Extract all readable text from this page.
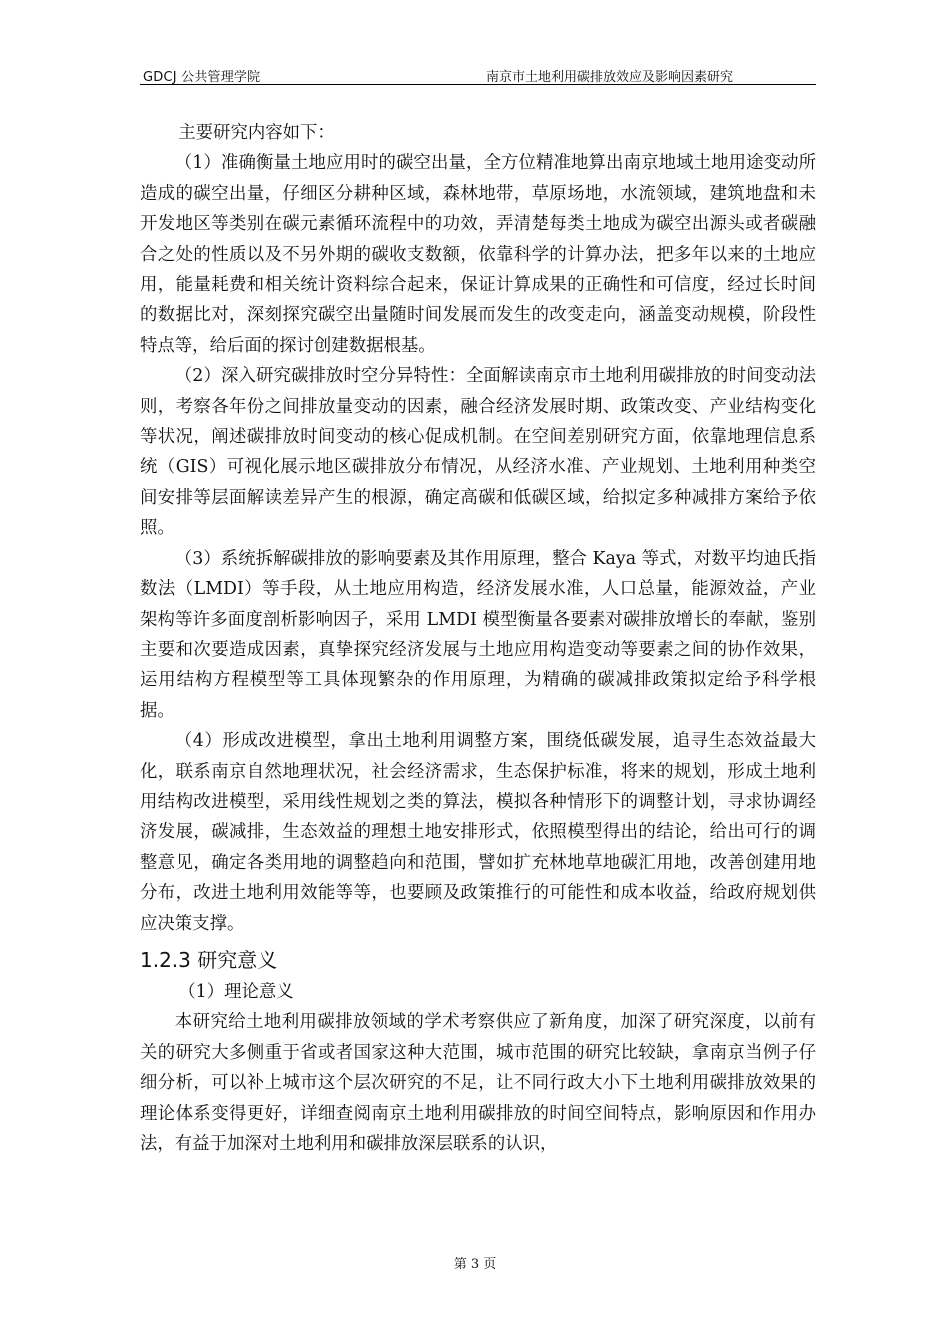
GDCJ 公共管理学院	南京市土地利用碳排放效应及影响因素研究

主要研究内容如下：

（1）准确衡量土地应用时的碳空出量，全方位精准地算出南京地域土地用途变动所造成的碳空出量，仔细区分耕种区域，森林地带，草原场地，水流领域，建筑地盘和未开发地区等类别在碳元素循环流程中的功效，弄清楚每类土地成为碳空出源头或者碳融合之处的性质以及不另外期的碳收支数额，依靠科学的计算办法，把多年以来的土地应用，能量耗费和相关统计资料综合起来，保证计算成果的正确性和可信度，经过长时间的数据比对，深刻探究碳空出量随时间发展而发生的改变走向，涵盖变动规模，阶段性特点等，给后面的探讨创建数据根基。

（2）深入研究碳排放时空分异特性：全面解读南京市土地利用碳排放的时间变动法则，考察各年份之间排放量变动的因素，融合经济发展时期、政策改变、产业结构变化等状况，阐述碳排放时间变动的核心促成机制。在空间差别研究方面，依靠地理信息系统（GIS）可视化展示地区碳排放分布情况，从经济水准、产业规划、土地利用种类空间安排等层面解读差异产生的根源，确定高碳和低碳区域，给拟定多种减排方案给予依照。

（3）系统拆解碳排放的影响要素及其作用原理，整合 Kaya 等式，对数平均迪氏指数法（LMDI）等手段，从土地应用构造，经济发展水准，人口总量，能源效益，产业架构等许多面度剖析影响因子，采用 LMDI 模型衡量各要素对碳排放增长的奉献，鉴别主要和次要造成因素，真挚探究经济发展与土地应用构造变动等要素之间的协作效果，运用结构方程模型等工具体现繁杂的作用原理，为精确的碳减排政策拟定给予科学根据。

（4）形成改进模型，拿出土地利用调整方案，围绕低碳发展，追寻生态效益最大化，联系南京自然地理状况，社会经济需求，生态保护标准，将来的规划，形成土地利用结构改进模型，采用线性规划之类的算法，模拟各种情形下的调整计划，寻求协调经济发展，碳减排，生态效益的理想土地安排形式，依照模型得出的结论，给出可行的调整意见，确定各类用地的调整趋向和范围，譬如扩充林地草地碳汇用地，改善创建用地分布，改进土地利用效能等等，也要顾及政策推行的可能性和成本收益，给政府规划供应决策支撑。

1.2.3 研究意义

（1）理论意义

本研究给土地利用碳排放领域的学术考察供应了新角度，加深了研究深度，以前有关的研究大多侧重于省或者国家这种大范围，城市范围的研究比较缺，拿南京当例子仔细分析，可以补上城市这个层次研究的不足，让不同行政大小下土地利用碳排放效果的理论体系变得更好，详细查阅南京土地利用碳排放的时间空间特点，影响原因和作用办法，有益于加深对土地利用和碳排放深层联系的认识，

第 3 页
